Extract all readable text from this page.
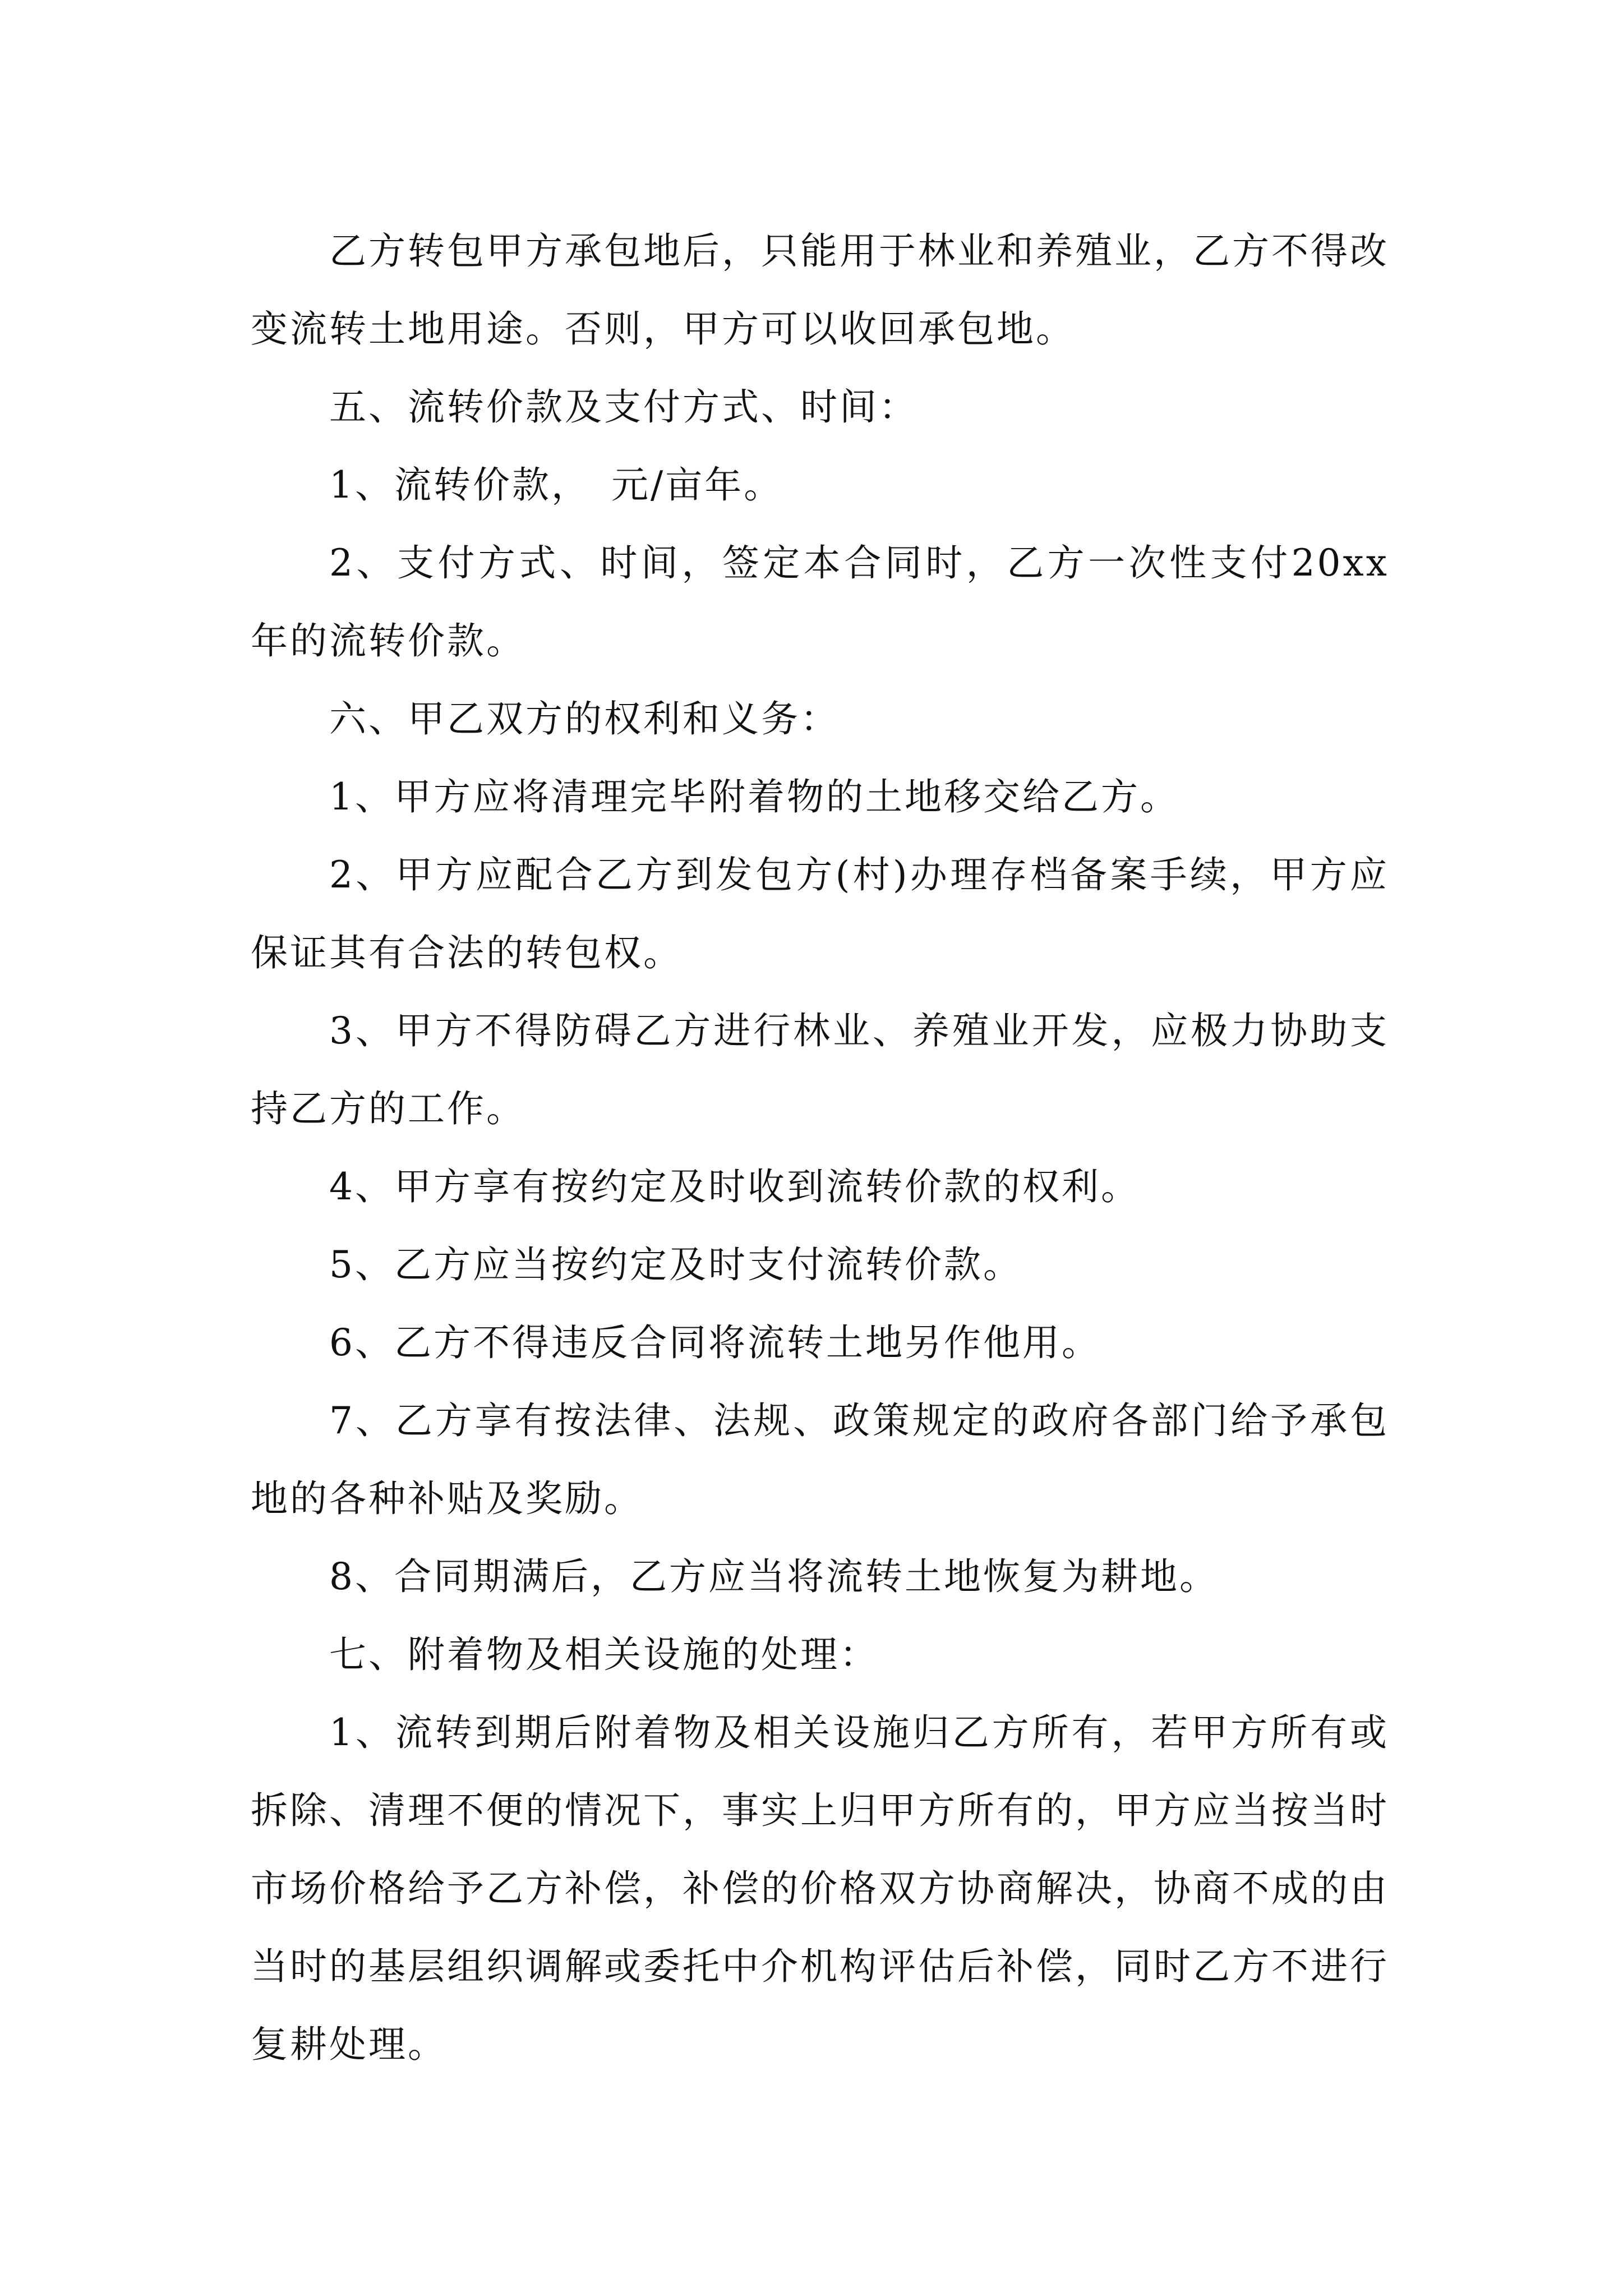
乙方转包甲方承包地后，只能用于林业和养殖业，乙方不得改变流转土地用途。否则，甲方可以收回承包地。

五、流转价款及支付方式、时间：

1、流转价款，　元/亩年。

2、支付方式、时间，签定本合同时，乙方一次性支付20xx年的流转价款。

六、甲乙双方的权利和义务：

1、甲方应将清理完毕附着物的土地移交给乙方。

2、甲方应配合乙方到发包方(村)办理存档备案手续，甲方应保证其有合法的转包权。

3、甲方不得防碍乙方进行林业、养殖业开发，应极力协助支持乙方的工作。

4、甲方享有按约定及时收到流转价款的权利。

5、乙方应当按约定及时支付流转价款。

6、乙方不得违反合同将流转土地另作他用。

7、乙方享有按法律、法规、政策规定的政府各部门给予承包地的各种补贴及奖励。

8、合同期满后，乙方应当将流转土地恢复为耕地。

七、附着物及相关设施的处理：

1、流转到期后附着物及相关设施归乙方所有，若甲方所有或拆除、清理不便的情况下，事实上归甲方所有的，甲方应当按当时市场价格给予乙方补偿，补偿的价格双方协商解决，协商不成的由当时的基层组织调解或委托中介机构评估后补偿，同时乙方不进行复耕处理。
